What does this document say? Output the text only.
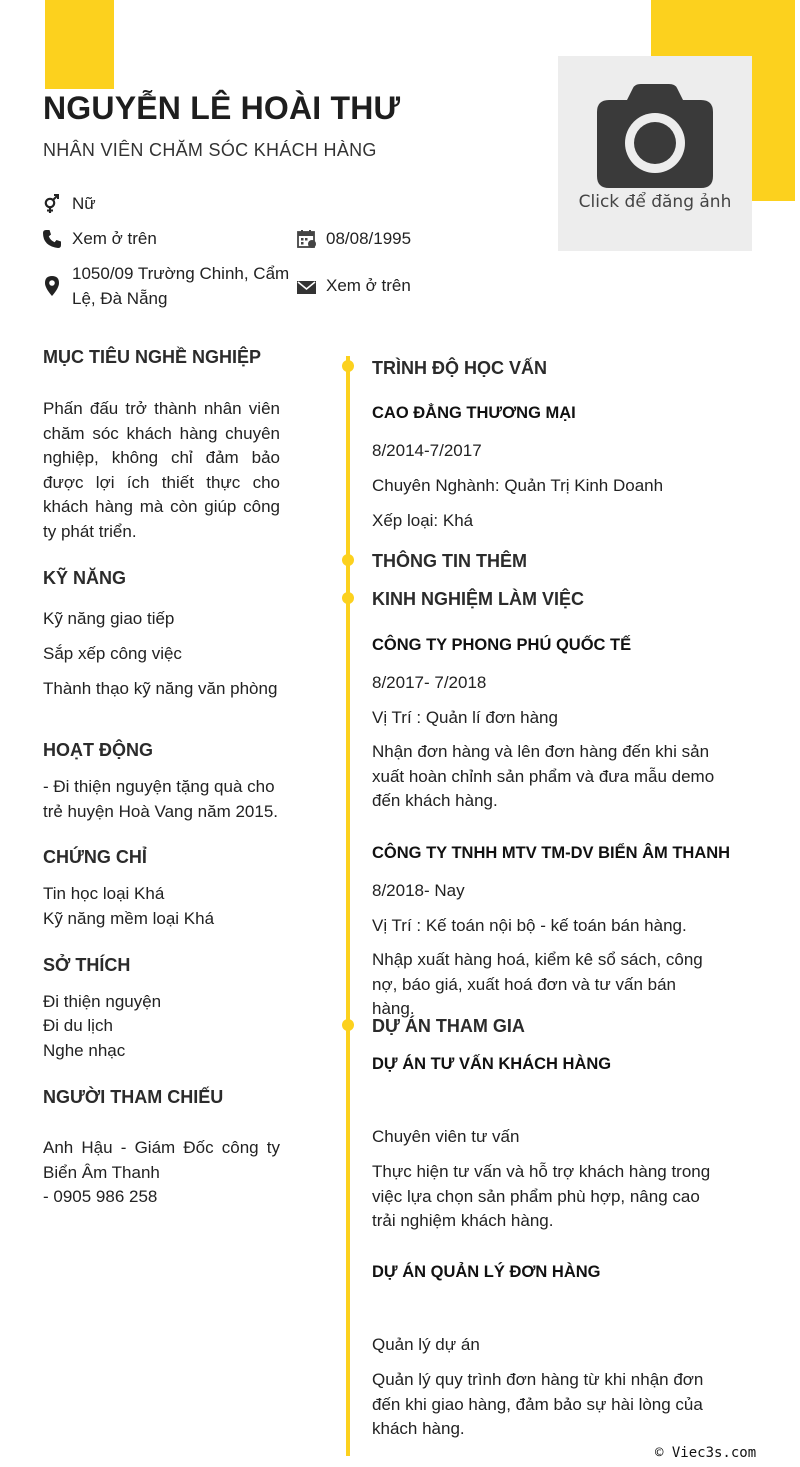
Click để đăng ảnh
NGUYỄN LÊ HOÀI THƯ
NHÂN VIÊN CHĂM SÓC KHÁCH HÀNG
Nữ
Xem ở trên	08/08/1995
1050/09 Trường Chinh, Cẩm Lệ, Đà Nẵng
Xem ở trên
MỤC TIÊU NGHỀ NGHIỆP
Phấn đấu trở thành nhân viên chăm sóc khách hàng chuyên nghiệp, không chỉ đảm bảo được lợi ích thiết thực cho khách hàng mà còn giúp công ty phát triển.
KỸ NĂNG
Kỹ năng giao tiếp
Sắp xếp công việc
Thành thạo kỹ năng văn phòng
HOẠT ĐỘNG
- Đi thiện nguyện tặng quà cho trẻ huyện Hoà Vang năm 2015.
CHỨNG CHỈ
Tin học loại Khá
Kỹ năng mềm loại Khá
SỞ THÍCH
Đi thiện nguyện
Đi du lịch
Nghe nhạc
NGƯỜI THAM CHIẾU
Anh Hậu - Giám Đốc công ty
Biển Âm Thanh
- 0905 986 258
TRÌNH ĐỘ HỌC VẤN
CAO ĐẲNG THƯƠNG MẠI
8/2014-7/2017
Chuyên Nghành: Quản Trị Kinh Doanh
Xếp loại: Khá
THÔNG TIN THÊM
KINH NGHIỆM LÀM VIỆC
CÔNG TY PHONG PHÚ QUỐC TẾ
8/2017- 7/2018
Vị Trí : Quản lí đơn hàng
Nhận đơn hàng và lên đơn hàng đến khi sản xuất hoàn chỉnh sản phẩm và đưa mẫu demo đến khách hàng.
CÔNG TY TNHH MTV TM-DV BIỂN ÂM THANH
8/2018- Nay
Vị Trí : Kế toán nội bộ - kế toán bán hàng.
Nhập xuất hàng hoá, kiểm kê sổ sách, công nợ, báo giá, xuất hoá đơn và tư vấn bán hàng.
DỰ ÁN THAM GIA
DỰ ÁN TƯ VẤN KHÁCH HÀNG
Chuyên viên tư vấn
Thực hiện tư vấn và hỗ trợ khách hàng trong việc lựa chọn sản phẩm phù hợp, nâng cao trải nghiệm khách hàng.
DỰ ÁN QUẢN LÝ ĐƠN HÀNG
Quản lý dự án
Quản lý quy trình đơn hàng từ khi nhận đơn đến khi giao hàng, đảm bảo sự hài lòng của khách hàng.
© Viec3s.com
